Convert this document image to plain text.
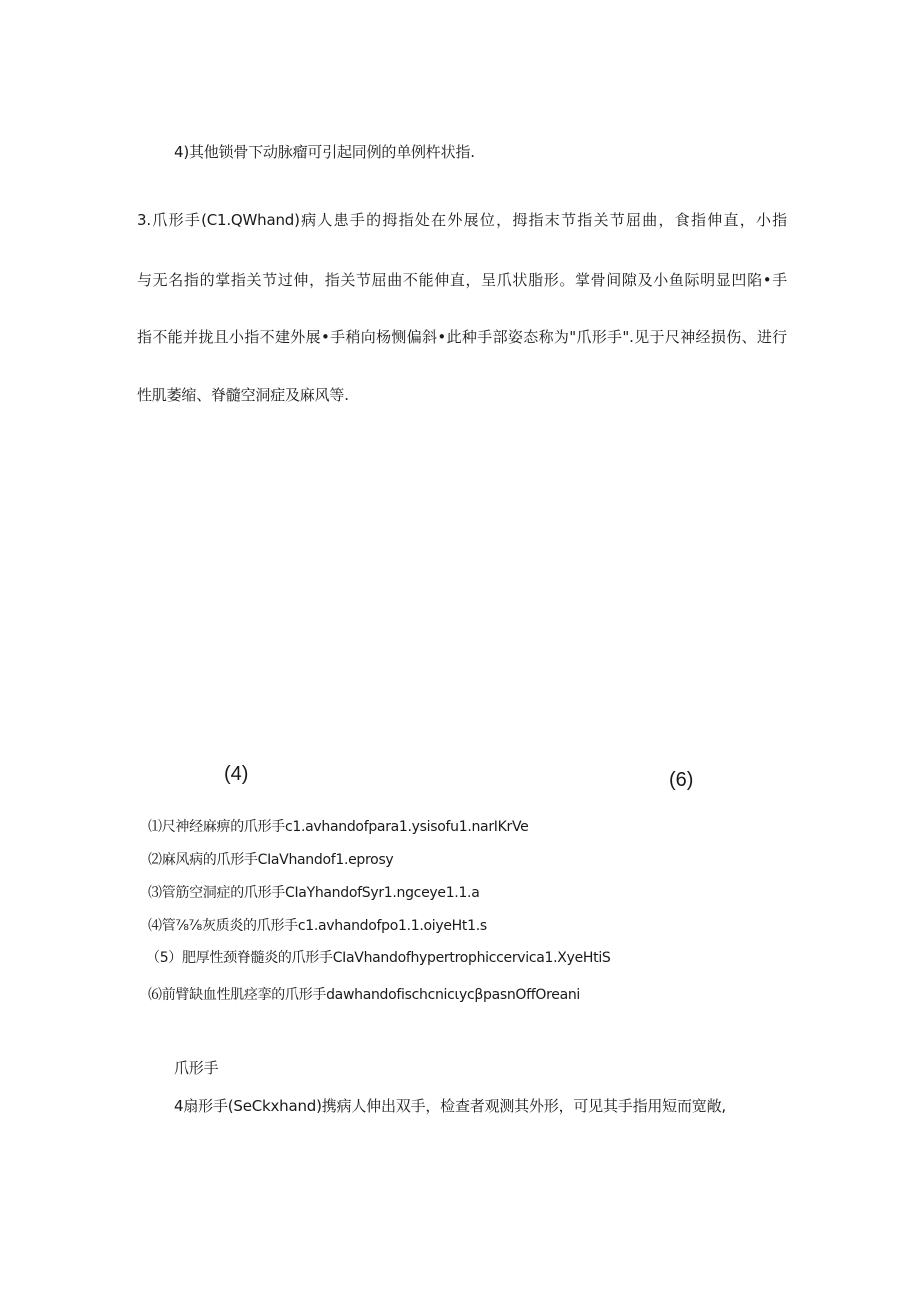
4)其他锁骨下动脉瘤可引起同例的单例杵状指.
3.爪形手(C1.QWhand)病人患手的拇指处在外展位，拇指末节指关节屈曲，食指伸直，小指
与无名指的掌指关节过伸，指关节屈曲不能伸直，呈爪状脂形。掌骨间隙及小鱼际明显凹陷•手
指不能并拢且小指不建外展•手稍向杨恻偏斜•此种手部姿态称为"爪形手".见于尺神经损伤、进行
性肌萎缩、脊髓空洞症及麻风等.
(4)	(6)
⑴尺神经麻痹的爪形手c1.avhandofpara1.ysisofu1.narIKrVe
⑵麻风病的爪形手CIaVhandof1.eprosy
⑶管筋空洞症的爪形手CIaYhandofSyr1.ngceye1.1.a
⑷管⅞⅞灰质炎的爪形手c1.avhandofpo1.1.oiyeHt1.s
（5）肥厚性颈脊髓炎的爪形手CIaVhandofhypertrophiccervica1.XyeHtiS
⑹前臂缺血性肌痉挛的爪形手dawhandofischcnicιycβpasnOffOreani
爪形手
4扇形手(SeCkxhand)携病人伸出双手，检查者观测其外形，可见其手指用短而宽敞,
